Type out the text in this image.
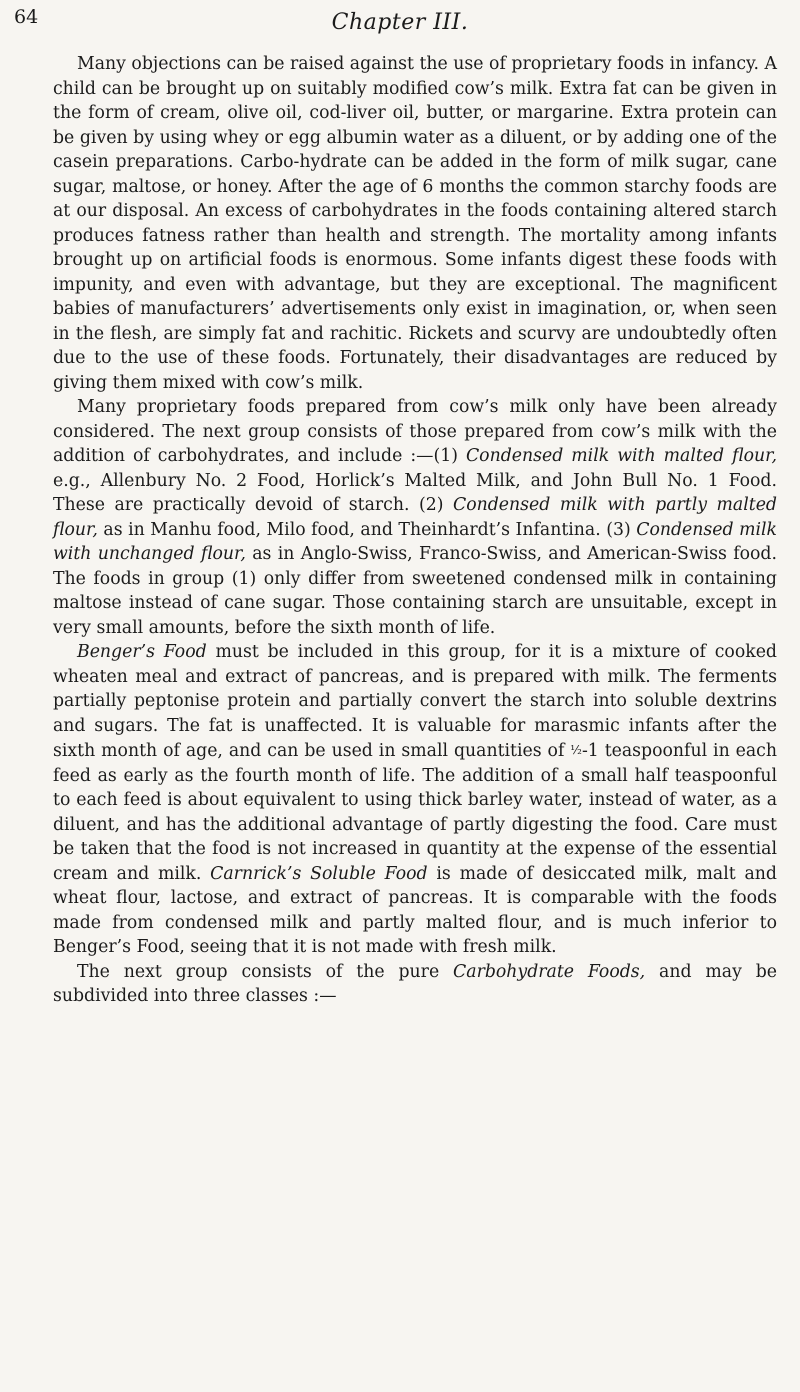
64	Chapter III.

Many objections can be raised against the use of proprietary foods in infancy. A child can be brought up on suitably modified cow’s milk. Extra fat can be given in the form of cream, olive oil, cod-liver oil, butter, or margarine. Extra protein can be given by using whey or egg albumin water as a diluent, or by adding one of the casein preparations. Carbo-hydrate can be added in the form of milk sugar, cane sugar, maltose, or honey. After the age of 6 months the common starchy foods are at our disposal. An excess of carbohydrates in the foods containing altered starch produces fatness rather than health and strength. The mortality among infants brought up on artificial foods is enormous. Some infants digest these foods with impunity, and even with advantage, but they are exceptional. The magnificent babies of manufacturers’ advertisements only exist in imagination, or, when seen in the flesh, are simply fat and rachitic. Rickets and scurvy are undoubtedly often due to the use of these foods. Fortunately, their disadvantages are reduced by giving them mixed with cow’s milk.

Many proprietary foods prepared from cow’s milk only have been already considered. The next group consists of those prepared from cow’s milk with the addition of carbohydrates, and include :—(1) Condensed milk with malted flour, e.g., Allenbury No. 2 Food, Horlick’s Malted Milk, and John Bull No. 1 Food. These are practically devoid of starch. (2) Condensed milk with partly malted flour, as in Manhu food, Milo food, and Theinhardt’s Infantina. (3) Condensed milk with unchanged flour, as in Anglo-Swiss, Franco-Swiss, and American-Swiss food. The foods in group (1) only differ from sweetened condensed milk in containing maltose instead of cane sugar. Those containing starch are unsuitable, except in very small amounts, before the sixth month of life.

Benger’s Food must be included in this group, for it is a mixture of cooked wheaten meal and extract of pancreas, and is prepared with milk. The ferments partially peptonise protein and partially convert the starch into soluble dextrins and sugars. The fat is unaffected. It is valuable for marasmic infants after the sixth month of age, and can be used in small quantities of ½-1 teaspoonful in each feed as early as the fourth month of life. The addition of a small half teaspoonful to each feed is about equivalent to using thick barley water, instead of water, as a diluent, and has the additional advantage of partly digesting the food. Care must be taken that the food is not increased in quantity at the expense of the essential cream and milk. Carnrick’s Soluble Food is made of desiccated milk, malt and wheat flour, lactose, and extract of pancreas. It is comparable with the foods made from condensed milk and partly malted flour, and is much inferior to Benger’s Food, seeing that it is not made with fresh milk.

The next group consists of the pure Carbohydrate Foods, and may be subdivided into three classes :—
